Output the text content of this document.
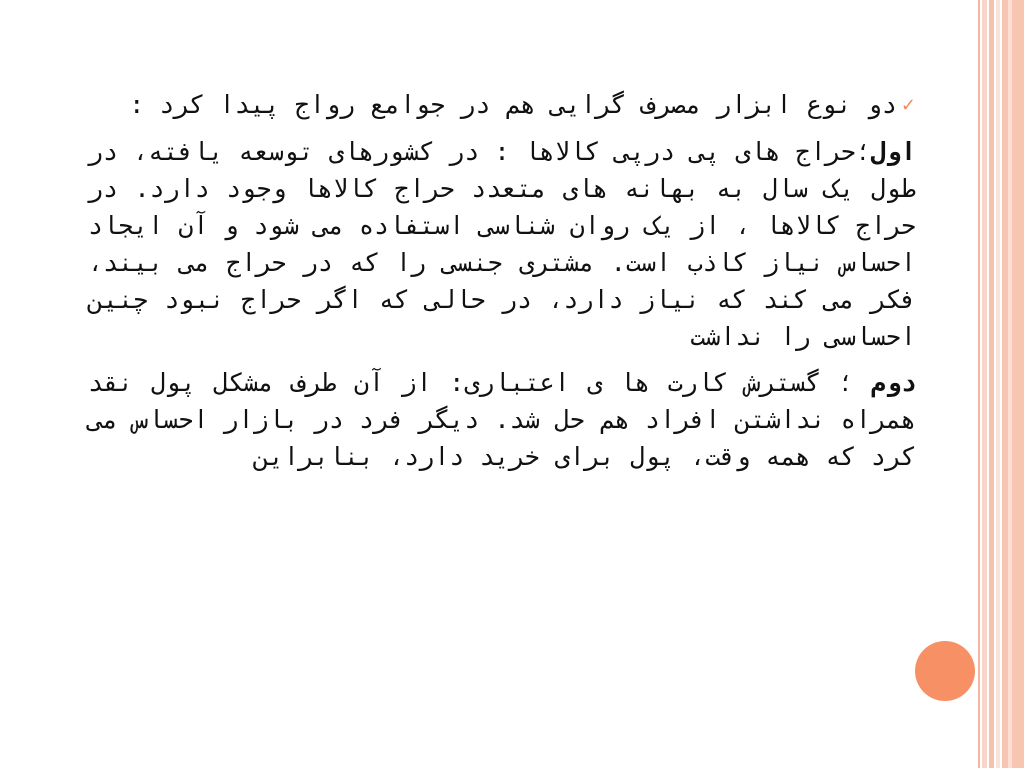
✓دو نوع ابزار مصرف گرایی هم در جوامع رواج پیدا کرد :

اول؛حراج های پی درپی کالاها : در کشورهای توسعه یافته، در طول یک سال به بهانه های متعدد حراج کالاها وجود دارد. در حراج کالاها ، از یک روان شناسی استفاده می شود و آن ایجاد احساس نیاز کاذب است. مشتری جنسی را که در حراج می بیند، فکر می کند که نیاز دارد، در حالی که اگر حراج نبود چنین احساسی را نداشت

دوم ؛ گسترش کارت ها ی اعتباری: از آن طرف مشکل پول نقد همراه نداشتن افراد هم حل شد. دیگر فرد در بازار احساس می کرد که همه وقت، پول برای خرید دارد، بنابراین
